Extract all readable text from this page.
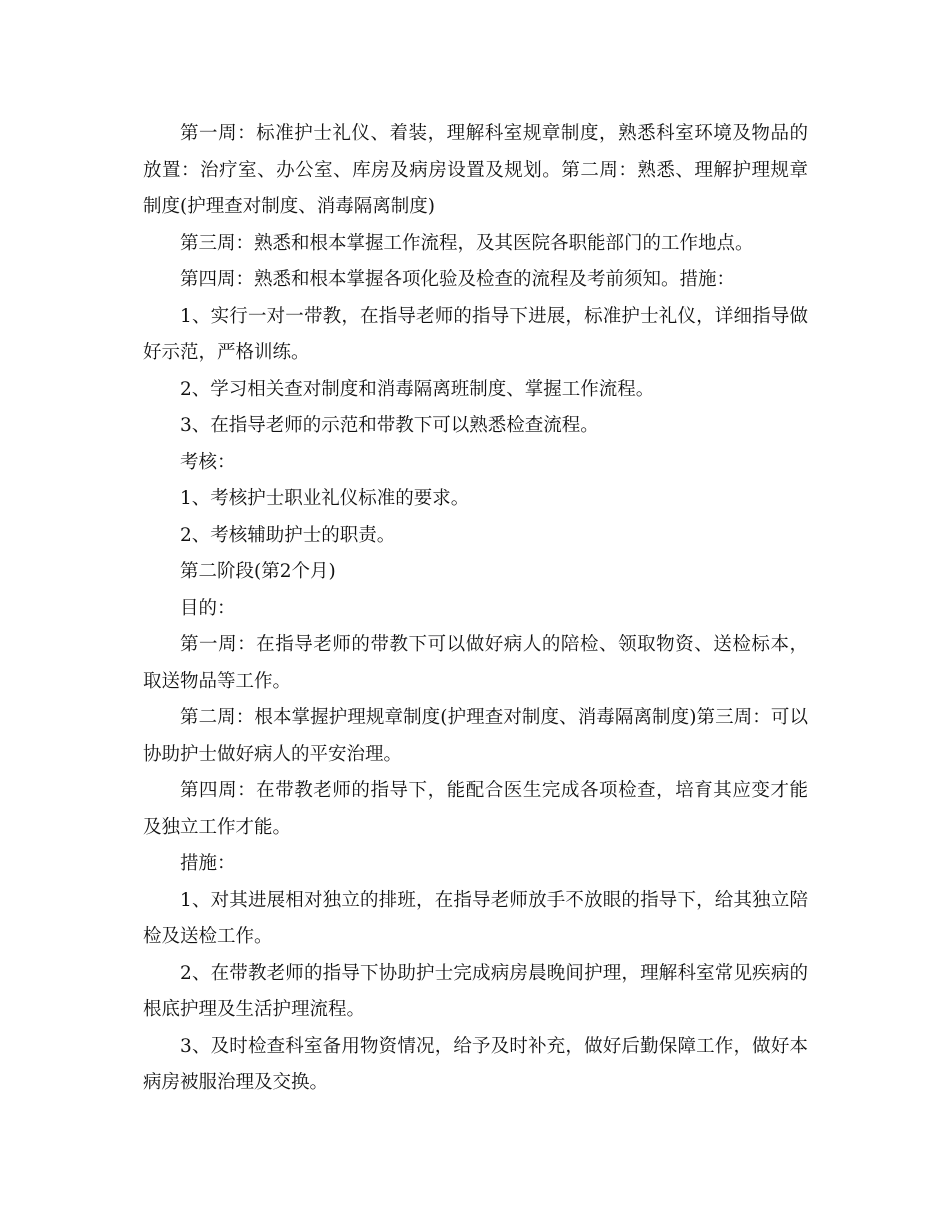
第一周：标准护士礼仪、着装，理解科室规章制度，熟悉科室环境及物品的放置：治疗室、办公室、库房及病房设置及规划。第二周：熟悉、理解护理规章制度(护理查对制度、消毒隔离制度)

第三周：熟悉和根本掌握工作流程，及其医院各职能部门的工作地点。

第四周：熟悉和根本掌握各项化验及检查的流程及考前须知。措施：

1、实行一对一带教，在指导老师的指导下进展，标准护士礼仪，详细指导做好示范，严格训练。

2、学习相关查对制度和消毒隔离班制度、掌握工作流程。

3、在指导老师的示范和带教下可以熟悉检查流程。

考核：

1、考核护士职业礼仪标准的要求。

2、考核辅助护士的职责。

第二阶段(第2个月)

目的：

第一周：在指导老师的带教下可以做好病人的陪检、领取物资、送检标本，取送物品等工作。

第二周：根本掌握护理规章制度(护理查对制度、消毒隔离制度)第三周：可以协助护士做好病人的平安治理。

第四周：在带教老师的指导下，能配合医生完成各项检查，培育其应变才能及独立工作才能。

措施：

1、对其进展相对独立的排班，在指导老师放手不放眼的指导下，给其独立陪检及送检工作。

2、在带教老师的指导下协助护士完成病房晨晚间护理，理解科室常见疾病的根底护理及生活护理流程。

3、及时检查科室备用物资情况，给予及时补充，做好后勤保障工作，做好本病房被服治理及交换。
